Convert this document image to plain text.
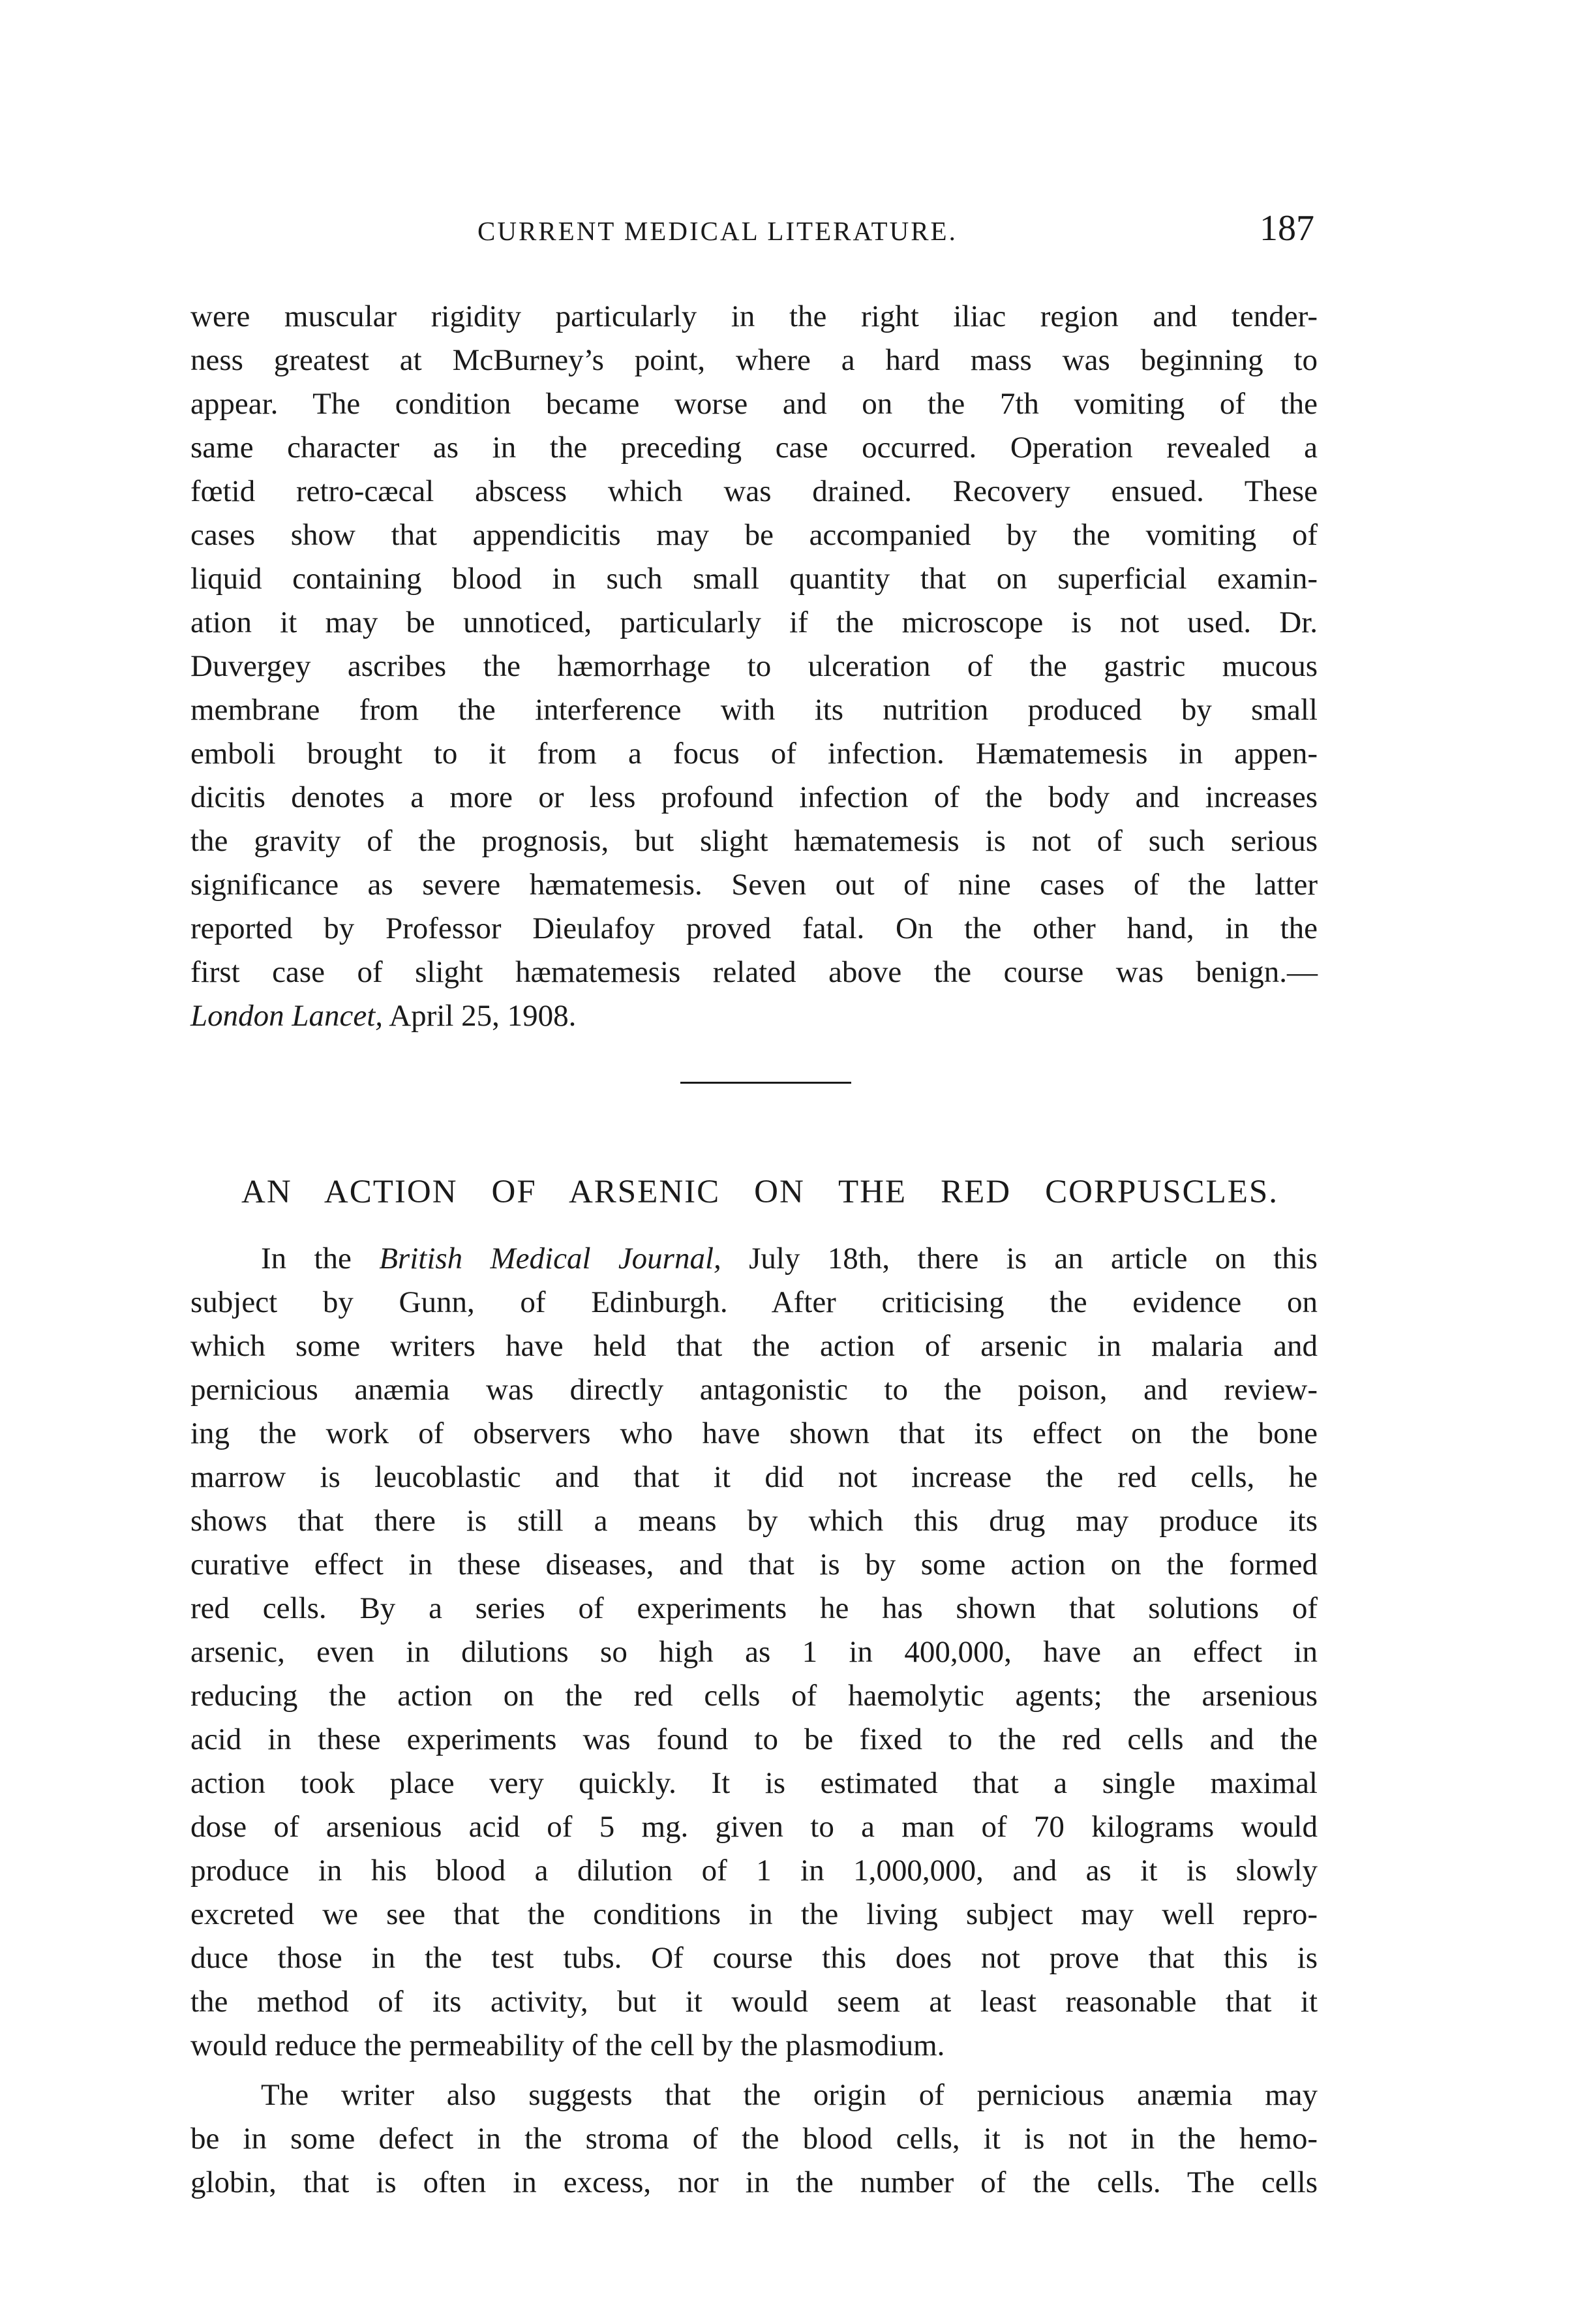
CURRENT MEDICAL LITERATURE.	187
were muscular rigidity particularly in the right iliac region and tender-
ness greatest at McBurney’s point, where a hard mass was beginning to
appear. The condition became worse and on the 7th vomiting of the
same character as in the preceding case occurred. Operation revealed a
fœtid retro-cæcal abscess which was drained. Recovery ensued. These
cases show that appendicitis may be accompanied by the vomiting of
liquid containing blood in such small quantity that on superficial examin-
ation it may be unnoticed, particularly if the microscope is not used. Dr.
Duvergey ascribes the hæmorrhage to ulceration of the gastric mucous
membrane from the interference with its nutrition produced by small
emboli brought to it from a focus of infection. Hæmatemesis in appen-
dicitis denotes a more or less profound infection of the body and increases
the gravity of the prognosis, but slight hæmatemesis is not of such serious
significance as severe hæmatemesis. Seven out of nine cases of the latter
reported by Professor Dieulafoy proved fatal. On the other hand, in the
first case of slight hæmatemesis related above the course was benign.—
London Lancet, April 25, 1908.
AN ACTION OF ARSENIC ON THE RED CORPUSCLES.
In the British Medical Journal, July 18th, there is an article on this
subject by Gunn, of Edinburgh. After criticising the evidence on
which some writers have held that the action of arsenic in malaria and
pernicious anæmia was directly antagonistic to the poison, and review-
ing the work of observers who have shown that its effect on the bone
marrow is leucoblastic and that it did not increase the red cells, he
shows that there is still a means by which this drug may produce its
curative effect in these diseases, and that is by some action on the formed
red cells. By a series of experiments he has shown that solutions of
arsenic, even in dilutions so high as 1 in 400,000, have an effect in
reducing the action on the red cells of haemolytic agents; the arsenious
acid in these experiments was found to be fixed to the red cells and the
action took place very quickly. It is estimated that a single maximal
dose of arsenious acid of 5 mg. given to a man of 70 kilograms would
produce in his blood a dilution of 1 in 1,000,000, and as it is slowly
excreted we see that the conditions in the living subject may well repro-
duce those in the test tubs. Of course this does not prove that this is
the method of its activity, but it would seem at least reasonable that it
would reduce the permeability of the cell by the plasmodium.
The writer also suggests that the origin of pernicious anæmia may
be in some defect in the stroma of the blood cells, it is not in the hemo-
globin, that is often in excess, nor in the number of the cells. The cells
